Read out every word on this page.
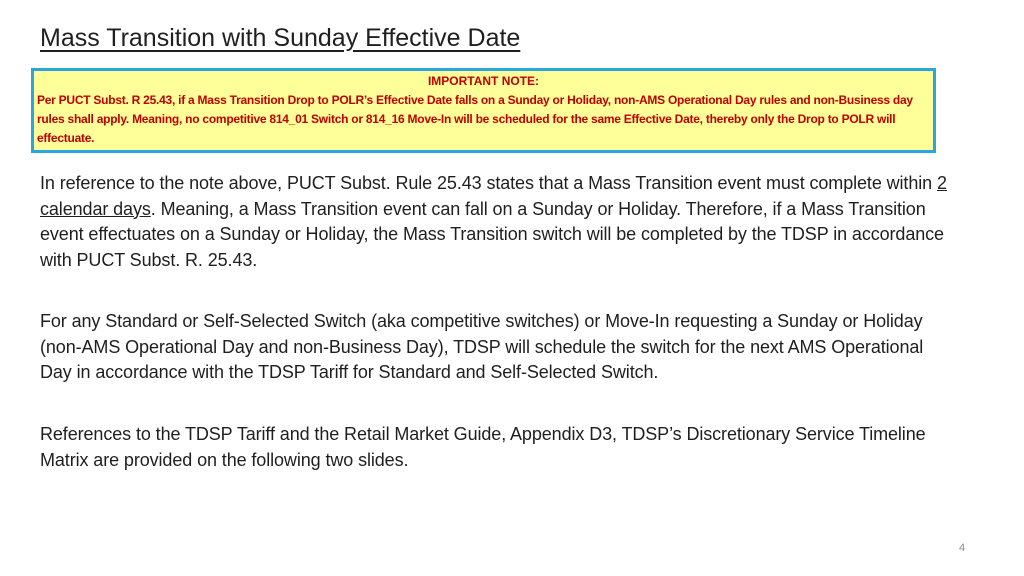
Mass Transition with Sunday Effective Date
IMPORTANT NOTE:
Per PUCT Subst. R 25.43, if a Mass Transition Drop to POLR’s Effective Date falls on a Sunday or Holiday, non-AMS Operational Day rules and non-Business day rules shall apply. Meaning, no competitive 814_01 Switch or 814_16 Move-In will be scheduled for the same Effective Date, thereby only the Drop to POLR will effectuate.

In reference to the note above, PUCT Subst. Rule 25.43 states that a Mass Transition event must complete within 2 calendar days. Meaning, a Mass Transition event can fall on a Sunday or Holiday. Therefore, if a Mass Transition event effectuates on a Sunday or Holiday, the Mass Transition switch will be completed by the TDSP in accordance with PUCT Subst. R. 25.43.

For any Standard or Self-Selected Switch (aka competitive switches) or Move-In requesting a Sunday or Holiday (non-AMS Operational Day and non-Business Day), TDSP will schedule the switch for the next AMS Operational Day in accordance with the TDSP Tariff for Standard and Self-Selected Switch.

References to the TDSP Tariff and the Retail Market Guide, Appendix D3, TDSP’s Discretionary Service Timeline Matrix are provided on the following two slides.

4
